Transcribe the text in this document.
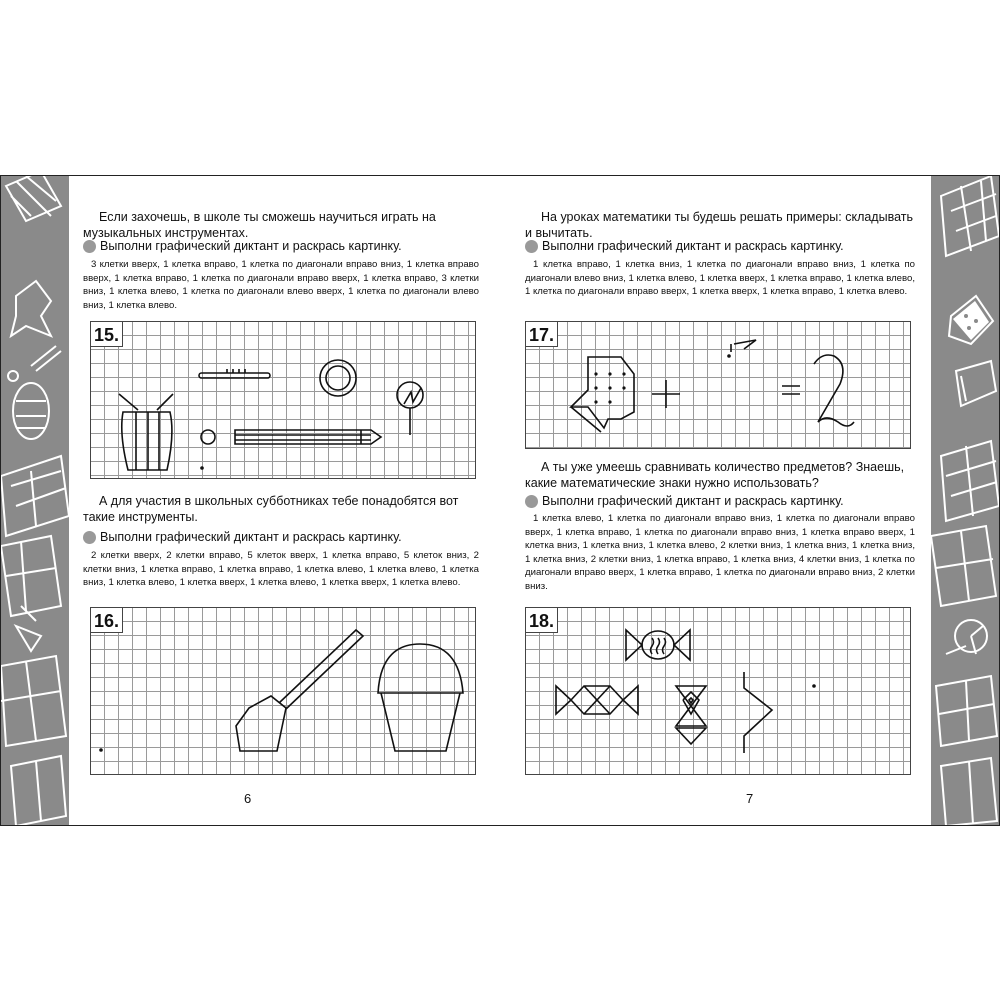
Если захочешь, в школе ты сможешь научиться играть на музыкальных инструментах.

Выполни графический диктант и раскрась картинку.

3 клетки вверх, 1 клетка вправо, 1 клетка по диагонали вправо вниз, 1 клетка вправо вверх, 1 клетка вправо, 1 клетка по диагонали вправо вверх, 1 клетка вправо, 3 клетки вниз, 1 клетка влево, 1 клетка по диагонали влево вверх, 1 клетка по диагонали влево вниз, 1 клетка влево.

15.

А для участия в школьных субботниках тебе понадобятся вот такие инструменты.

Выполни графический диктант и раскрась картинку.

2 клетки вверх, 2 клетки вправо, 5 клеток вверх, 1 клетка вправо, 5 клеток вниз, 2 клетки вниз, 1 клетка вправо, 1 клетка вправо, 1 клетка влево, 1 клетка влево, 1 клетка вниз, 1 клетка влево, 1 клетка вверх, 1 клетка влево, 1 клетка вверх, 1 клетка влево.

16.
6

На уроках математики ты будешь решать примеры: складывать и вычитать.

Выполни графический диктант и раскрась картинку.

1 клетка вправо, 1 клетка вниз, 1 клетка по диагонали вправо вниз, 1 клетка по диагонали влево вниз, 1 клетка влево, 1 клетка вверх, 1 клетка вправо, 1 клетка влево, 1 клетка по диагонали вправо вверх, 1 клетка вверх, 1 клетка вправо, 1 клетка влево.

17.

А ты уже умеешь сравнивать количество предметов? Знаешь, какие математические знаки нужно использовать?

Выполни графический диктант и раскрась картинку.

1 клетка влево, 1 клетка по диагонали вправо вниз, 1 клетка по диагонали вправо вверх, 1 клетка вправо, 1 клетка по диагонали вправо вниз, 1 клетка вправо вверх, 1 клетка вниз, 1 клетка вниз, 1 клетка влево, 2 клетки вниз, 1 клетка вниз, 1 клетка вниз, 1 клетка вниз, 2 клетки вниз, 1 клетка вправо, 1 клетка вниз, 4 клетки вниз, 1 клетка по диагонали вправо вверх, 1 клетка вправо, 1 клетка по диагонали вправо вниз, 2 клетки вниз.

18.
7
